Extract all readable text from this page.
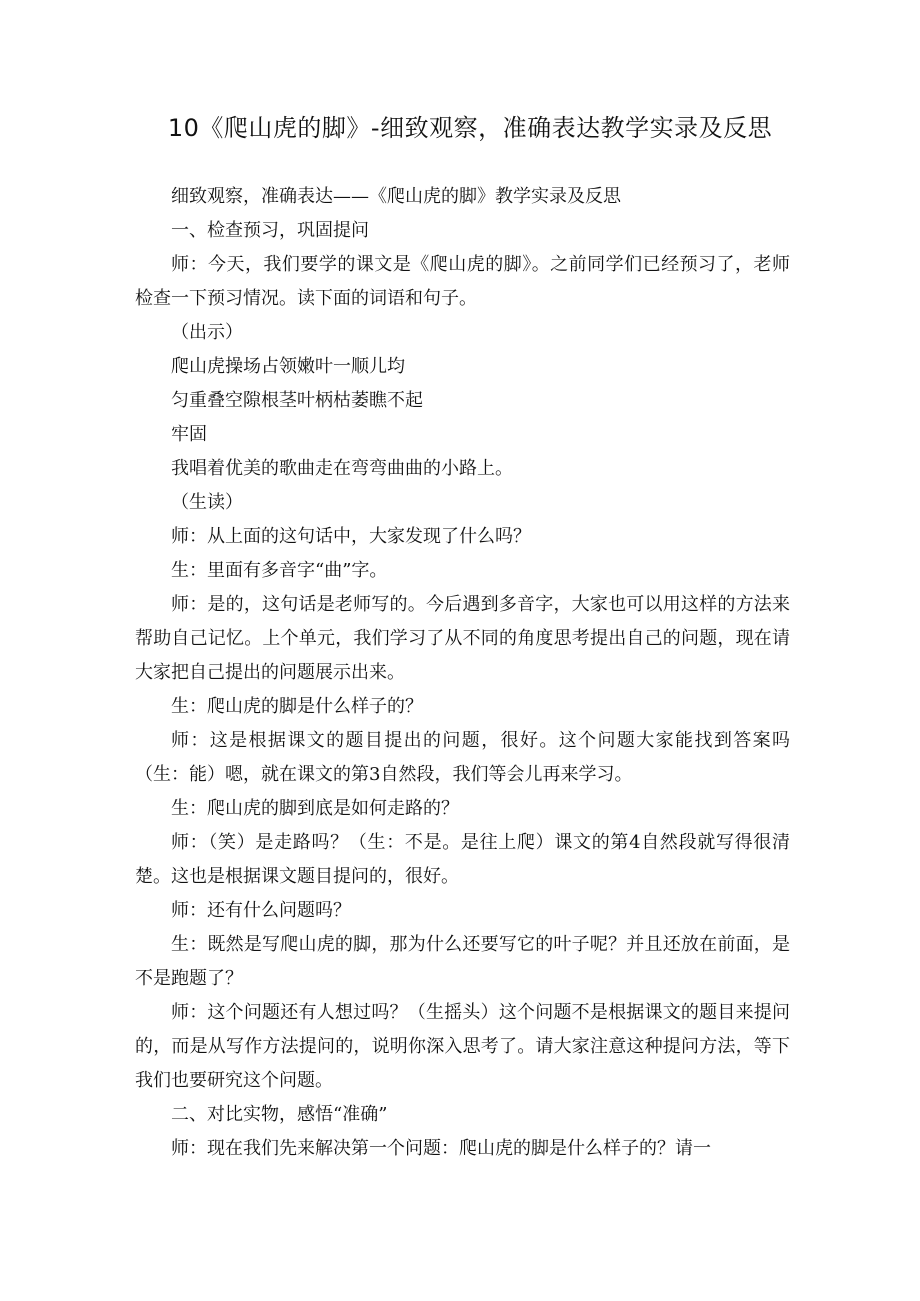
10《爬山虎的脚》-细致观察，准确表达教学实录及反思

细致观察，准确表达——《爬山虎的脚》教学实录及反思

一、检查预习，巩固提问

师：今天，我们要学的课文是《爬山虎的脚》。之前同学们已经预习了，老师检查一下预习情况。读下面的词语和句子。

（出示）

爬山虎操场占领嫩叶一顺儿均

匀重叠空隙根茎叶柄枯萎瞧不起

牢固

我唱着优美的歌曲走在弯弯曲曲的小路上。

（生读）

师：从上面的这句话中，大家发现了什么吗？

生：里面有多音字“曲”字。

师：是的，这句话是老师写的。今后遇到多音字，大家也可以用这样的方法来帮助自己记忆。上个单元，我们学习了从不同的角度思考提出自己的问题，现在请大家把自己提出的问题展示出来。

生：爬山虎的脚是什么样子的？

师：这是根据课文的题目提出的问题，很好。这个问题大家能找到答案吗（生：能）嗯，就在课文的第3自然段，我们等会儿再来学习。

生：爬山虎的脚到底是如何走路的？

师：（笑）是走路吗？（生：不是。是往上爬）课文的第4自然段就写得很清楚。这也是根据课文题目提问的，很好。

师：还有什么问题吗？

生：既然是写爬山虎的脚，那为什么还要写它的叶子呢？并且还放在前面，是不是跑题了？

师：这个问题还有人想过吗？（生摇头）这个问题不是根据课文的题目来提问的，而是从写作方法提问的，说明你深入思考了。请大家注意这种提问方法，等下我们也要研究这个问题。

二、对比实物，感悟“准确”

师：现在我们先来解决第一个问题：爬山虎的脚是什么样子的？请一
